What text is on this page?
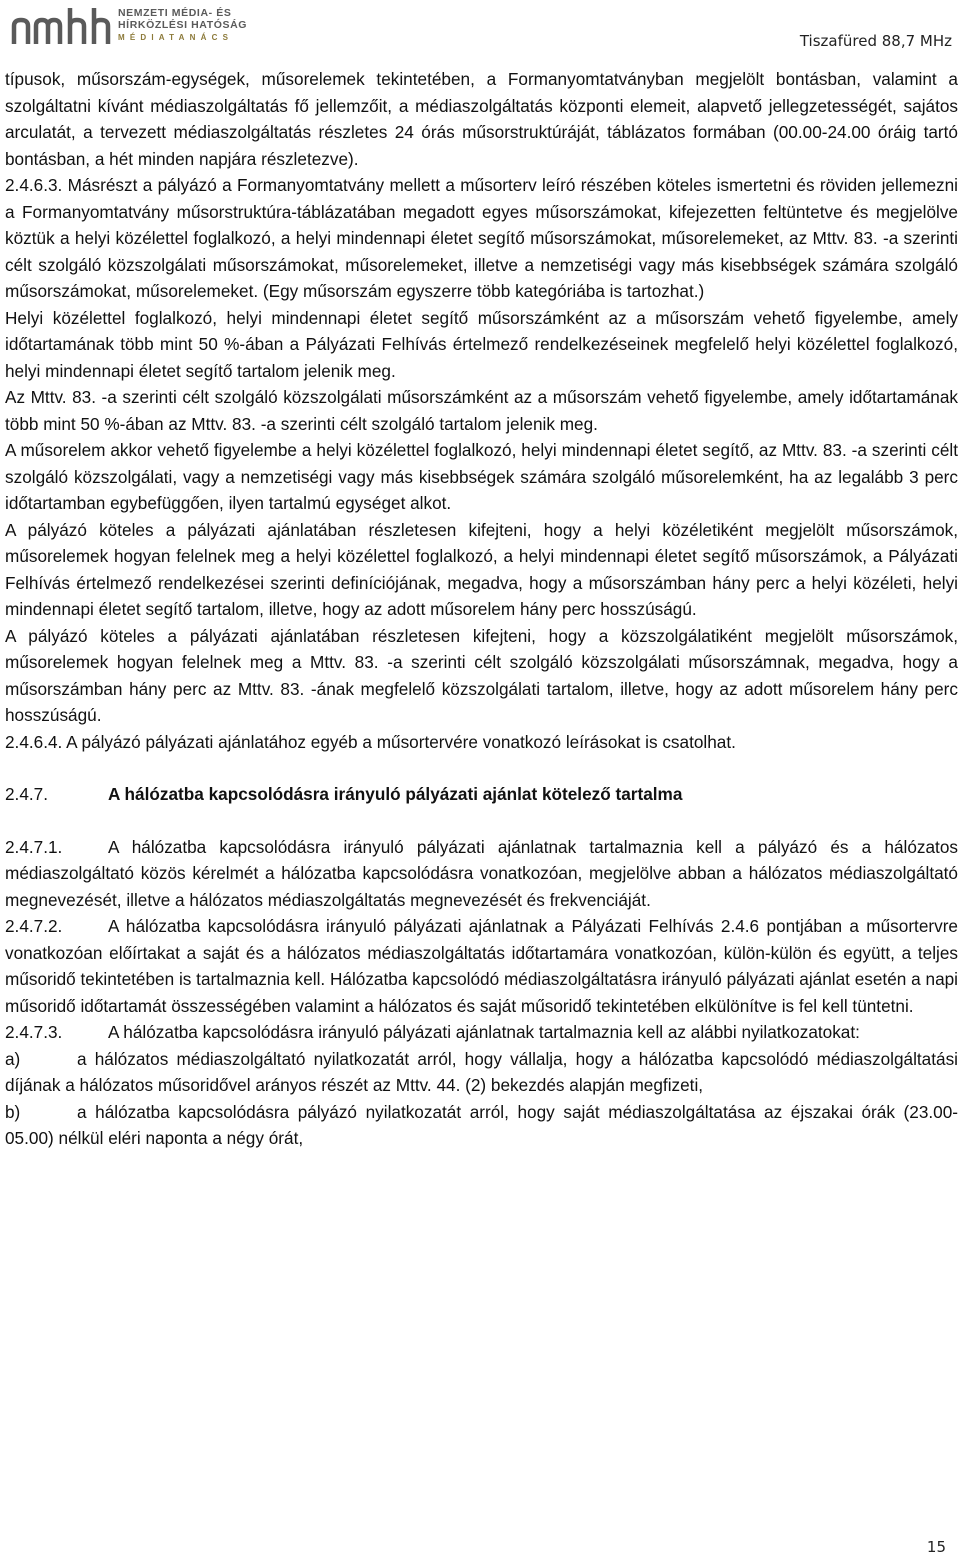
NEMZETI MÉDIA- ÉS
HÍRKÖZLÉSI HATÓSÁG
MÉDIATANÁCS	Tiszafüred 88,7 MHz

típusok, műsorszám-egységek, műsorelemek tekintetében, a Formanyomtatványban megjelölt bontásban, valamint a szolgáltatni kívánt médiaszolgáltatás fő jellemzőit, a médiaszolgáltatás központi elemeit, alapvető jellegzetességét, sajátos arculatát, a tervezett médiaszolgáltatás részletes 24 órás műsorstruktúráját, táblázatos formában (00.00-24.00 óráig tartó bontásban, a hét minden napjára részletezve).

2.4.6.3. Másrészt a pályázó a Formanyomtatvány mellett a műsorterv leíró részében köteles ismertetni és röviden jellemezni a Formanyomtatvány műsorstruktúra-táblázatában megadott egyes műsorszámokat, kifejezetten feltüntetve és megjelölve köztük a helyi közélettel foglalkozó, a helyi mindennapi életet segítő műsorszámokat, műsorelemeket, az Mttv. 83. -a szerinti célt szolgáló közszolgálati műsorszámokat, műsorelemeket, illetve a nemzetiségi vagy más kisebbségek számára szolgáló műsorszámokat, műsorelemeket. (Egy műsorszám egyszerre több kategóriába is tartozhat.)

Helyi közélettel foglalkozó, helyi mindennapi életet segítő műsorszámként az a műsorszám vehető figyelembe, amely időtartamának több mint 50 %-ában a Pályázati Felhívás értelmező rendelkezéseinek megfelelő helyi közélettel foglalkozó, helyi mindennapi életet segítő tartalom jelenik meg.

Az Mttv. 83. -a szerinti célt szolgáló közszolgálati műsorszámként az a műsorszám vehető figyelembe, amely időtartamának több mint 50 %-ában az Mttv. 83. -a szerinti célt szolgáló tartalom jelenik meg.

A műsorelem akkor vehető figyelembe a helyi közélettel foglalkozó, helyi mindennapi életet segítő, az Mttv. 83. -a szerinti célt szolgáló közszolgálati, vagy a nemzetiségi vagy más kisebbségek számára szolgáló műsorelemként, ha az legalább 3 perc időtartamban egybefüggően, ilyen tartalmú egységet alkot.

A pályázó köteles a pályázati ajánlatában részletesen kifejteni, hogy a helyi közéletiként megjelölt műsorszámok, műsorelemek hogyan felelnek meg a helyi közélettel foglalkozó, a helyi mindennapi életet segítő műsorszámok, a Pályázati Felhívás értelmező rendelkezései szerinti definíciójának, megadva, hogy a műsorszámban hány perc a helyi közéleti, helyi mindennapi életet segítő tartalom, illetve, hogy az adott műsorelem hány perc hosszúságú.

A pályázó köteles a pályázati ajánlatában részletesen kifejteni, hogy a közszolgálatiként megjelölt műsorszámok, műsorelemek hogyan felelnek meg a Mttv. 83. -a szerinti célt szolgáló közszolgálati műsorszámnak, megadva, hogy a műsorszámban hány perc az Mttv. 83. -ának megfelelő közszolgálati tartalom, illetve, hogy az adott műsorelem hány perc hosszúságú.

2.4.6.4. A pályázó pályázati ajánlatához egyéb a műsortervére vonatkozó leírásokat is csatolhat.

2.4.7.	A hálózatba kapcsolódásra irányuló pályázati ajánlat kötelező tartalma

2.4.7.1.	A hálózatba kapcsolódásra irányuló pályázati ajánlatnak tartalmaznia kell a pályázó és a hálózatos médiaszolgáltató közös kérelmét a hálózatba kapcsolódásra vonatkozóan, megjelölve abban a hálózatos médiaszolgáltató megnevezését, illetve a hálózatos médiaszolgáltatás megnevezését és frekvenciáját.

2.4.7.2.	A hálózatba kapcsolódásra irányuló pályázati ajánlatnak a Pályázati Felhívás 2.4.6 pontjában a műsortervre vonatkozóan előírtakat a saját és a hálózatos médiaszolgáltatás időtartamára vonatkozóan, külön-külön és együtt, a teljes műsoridő tekintetében is tartalmaznia kell. Hálózatba kapcsolódó médiaszolgáltatásra irányuló pályázati ajánlat esetén a napi műsoridő időtartamát összességében valamint a hálózatos és saját műsoridő tekintetében elkülönítve is fel kell tüntetni.

2.4.7.3.	A hálózatba kapcsolódásra irányuló pályázati ajánlatnak tartalmaznia kell az alábbi nyilatkozatokat:

a)	a hálózatos médiaszolgáltató nyilatkozatát arról, hogy vállalja, hogy a hálózatba kapcsolódó médiaszolgáltatási díjának a hálózatos műsoridővel arányos részét az Mttv. 44. (2) bekezdés alapján megfizeti,

b)	a hálózatba kapcsolódásra pályázó nyilatkozatát arról, hogy saját médiaszolgáltatása az éjszakai órák (23.00-05.00) nélkül eléri naponta a négy órát,

15
